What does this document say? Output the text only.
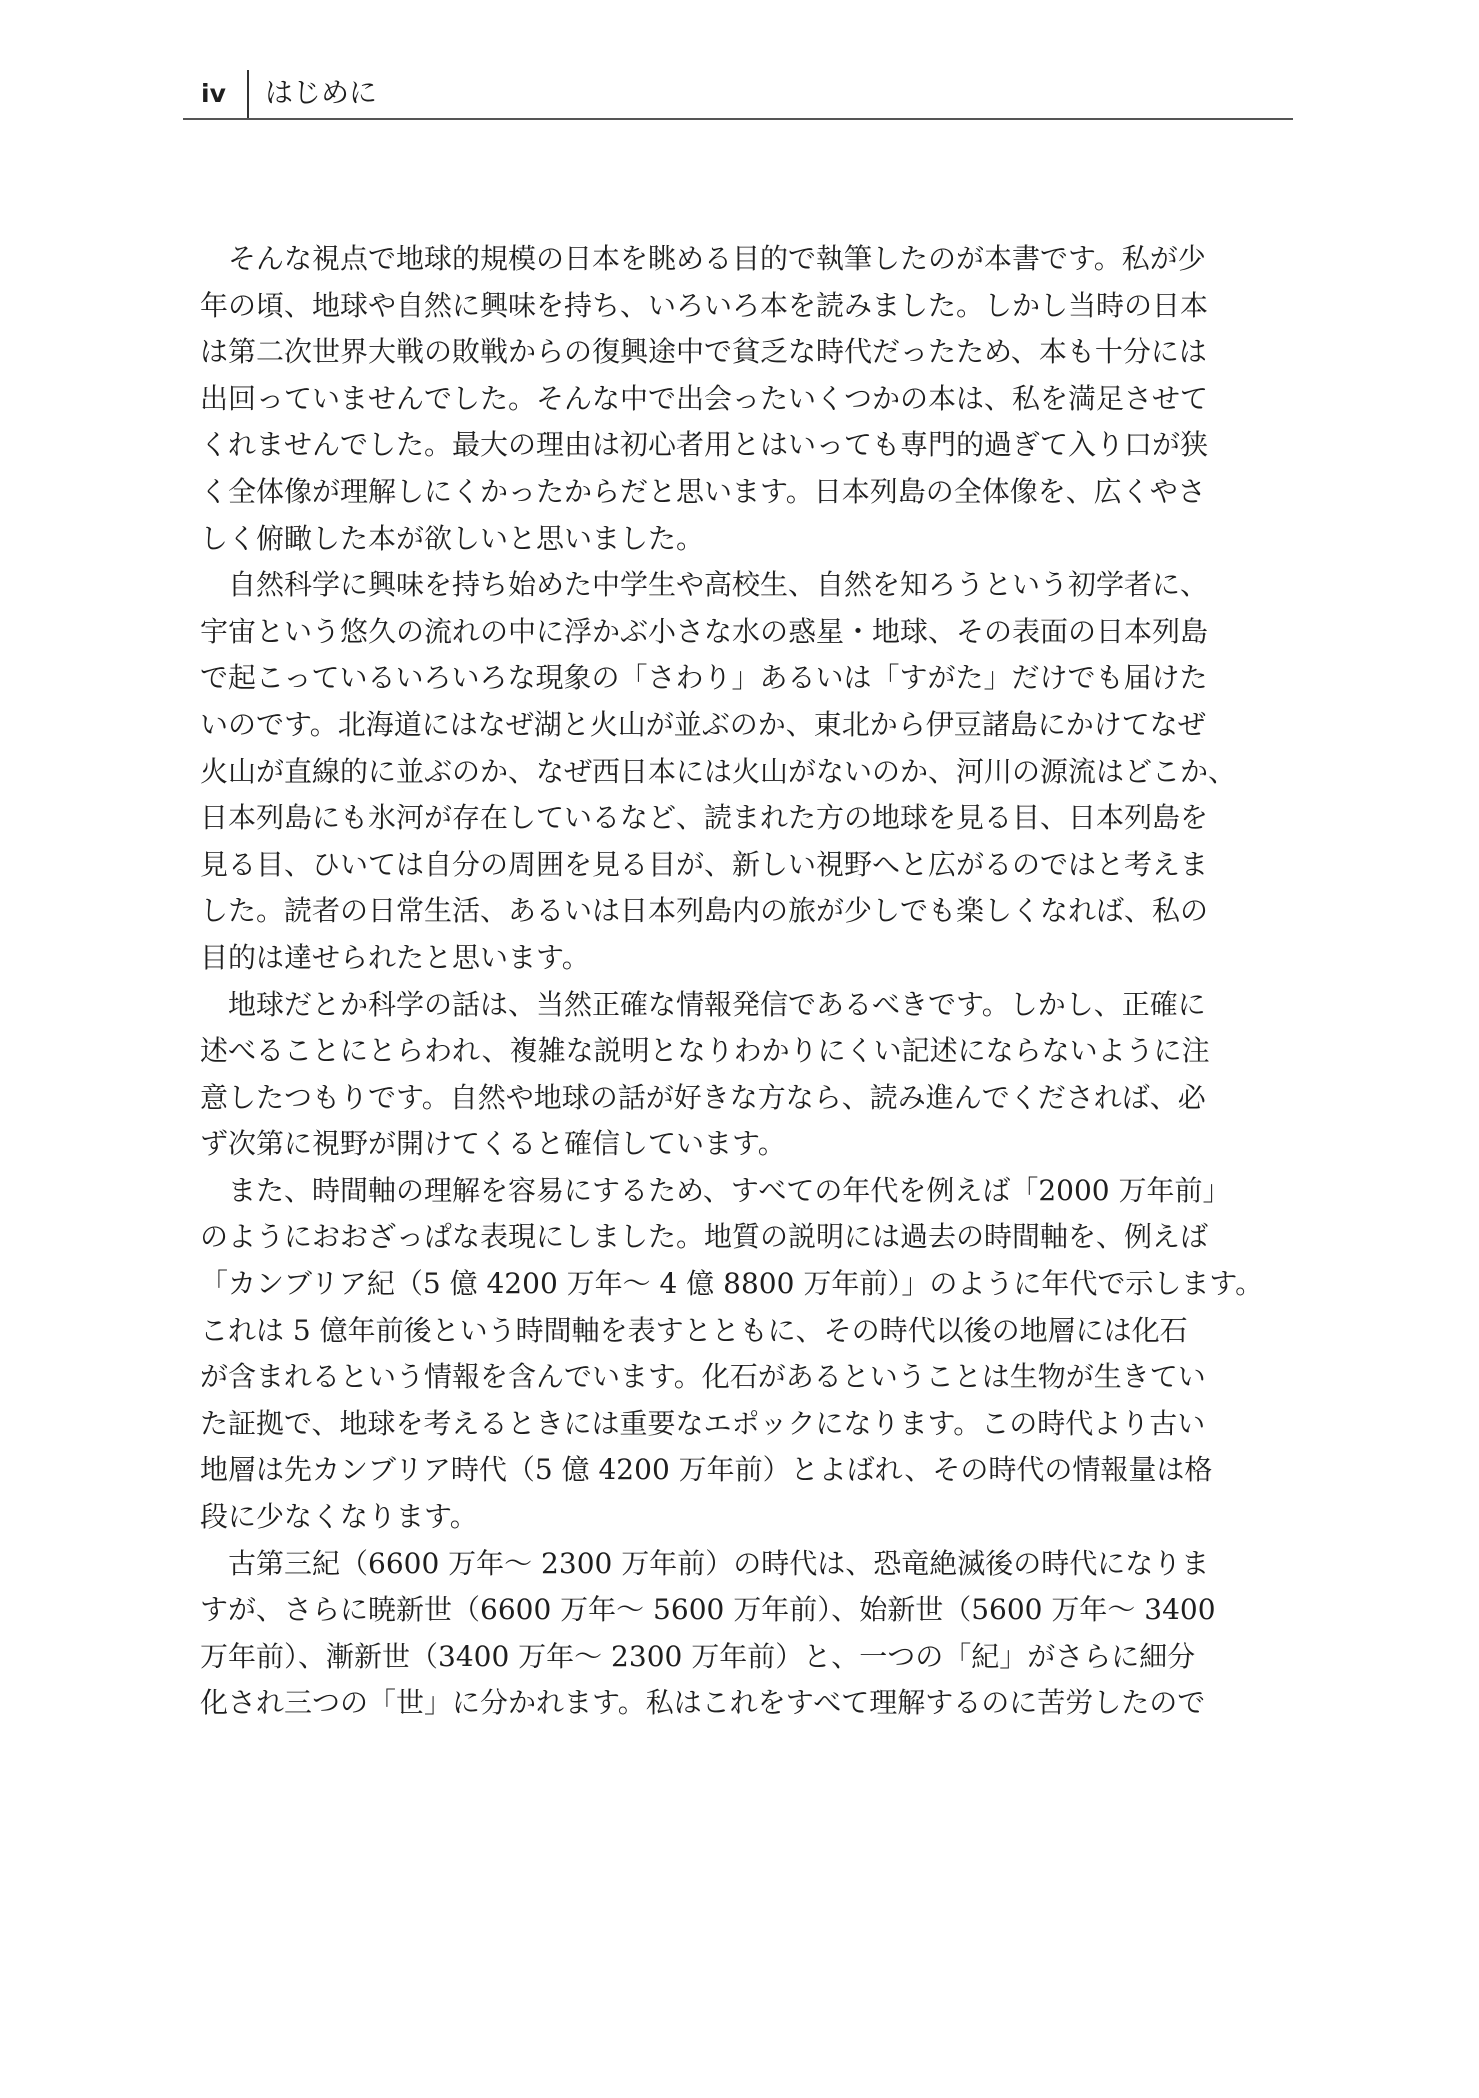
iv はじめに
　そんな視点で地球的規模の日本を眺める目的で執筆したのが本書です。私が少
年の頃、地球や自然に興味を持ち、いろいろ本を読みました。しかし当時の日本
は第二次世界大戦の敗戦からの復興途中で貧乏な時代だったため、本も十分には
出回っていませんでした。そんな中で出会ったいくつかの本は、私を満足させて
くれませんでした。最大の理由は初心者用とはいっても専門的過ぎて入り口が狭
く全体像が理解しにくかったからだと思います。日本列島の全体像を、広くやさ
しく俯瞰した本が欲しいと思いました。
　自然科学に興味を持ち始めた中学生や高校生、自然を知ろうという初学者に、
宇宙という悠久の流れの中に浮かぶ小さな水の惑星・地球、その表面の日本列島
で起こっているいろいろな現象の「さわり」あるいは「すがた」だけでも届けた
いのです。北海道にはなぜ湖と火山が並ぶのか、東北から伊豆諸島にかけてなぜ
火山が直線的に並ぶのか、なぜ西日本には火山がないのか、河川の源流はどこか、
日本列島にも氷河が存在しているなど、読まれた方の地球を見る目、日本列島を
見る目、ひいては自分の周囲を見る目が、新しい視野へと広がるのではと考えま
した。読者の日常生活、あるいは日本列島内の旅が少しでも楽しくなれば、私の
目的は達せられたと思います。
　地球だとか科学の話は、当然正確な情報発信であるべきです。しかし、正確に
述べることにとらわれ、複雑な説明となりわかりにくい記述にならないように注
意したつもりです。自然や地球の話が好きな方なら、読み進んでくだされば、必
ず次第に視野が開けてくると確信しています。
　また、時間軸の理解を容易にするため、すべての年代を例えば「2000 万年前」
のようにおおざっぱな表現にしました。地質の説明には過去の時間軸を、例えば
「カンブリア紀（5 億 4200 万年～ 4 億 8800 万年前）」のように年代で示します。
これは 5 億年前後という時間軸を表すとともに、その時代以後の地層には化石
が含まれるという情報を含んでいます。化石があるということは生物が生きてい
た証拠で、地球を考えるときには重要なエポックになります。この時代より古い
地層は先カンブリア時代（5 億 4200 万年前）とよばれ、その時代の情報量は格
段に少なくなります。
　古第三紀（6600 万年～ 2300 万年前）の時代は、恐竜絶滅後の時代になりま
すが、さらに暁新世（6600 万年～ 5600 万年前）、始新世（5600 万年～ 3400
万年前）、漸新世（3400 万年～ 2300 万年前）と、一つの「紀」がさらに細分
化され三つの「世」に分かれます。私はこれをすべて理解するのに苦労したので
